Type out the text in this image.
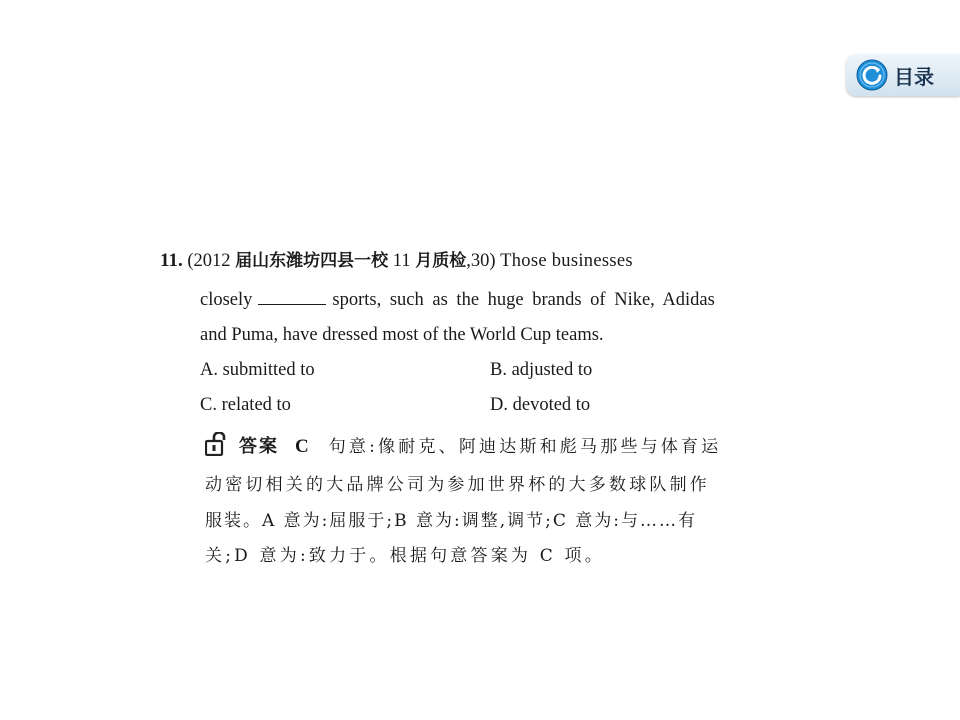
目录
11. (2012 届山东潍坊四县一校 11 月质检,30) Those businesses
closely	sports, such as the huge brands of Nike, Adidas
and Puma, have dressed most of the World Cup teams.
A. submitted to	B. adjusted to
C. related to	D. devoted to
答案 C 句意:像耐克、阿迪达斯和彪马那些与体育运
动密切相关的大品牌公司为参加世界杯的大多数球队制作
服装。A 意为:屈服于;B 意为:调整,调节;C 意为:与……有
关;D 意为:致力于。根据句意答案为 C 项。
